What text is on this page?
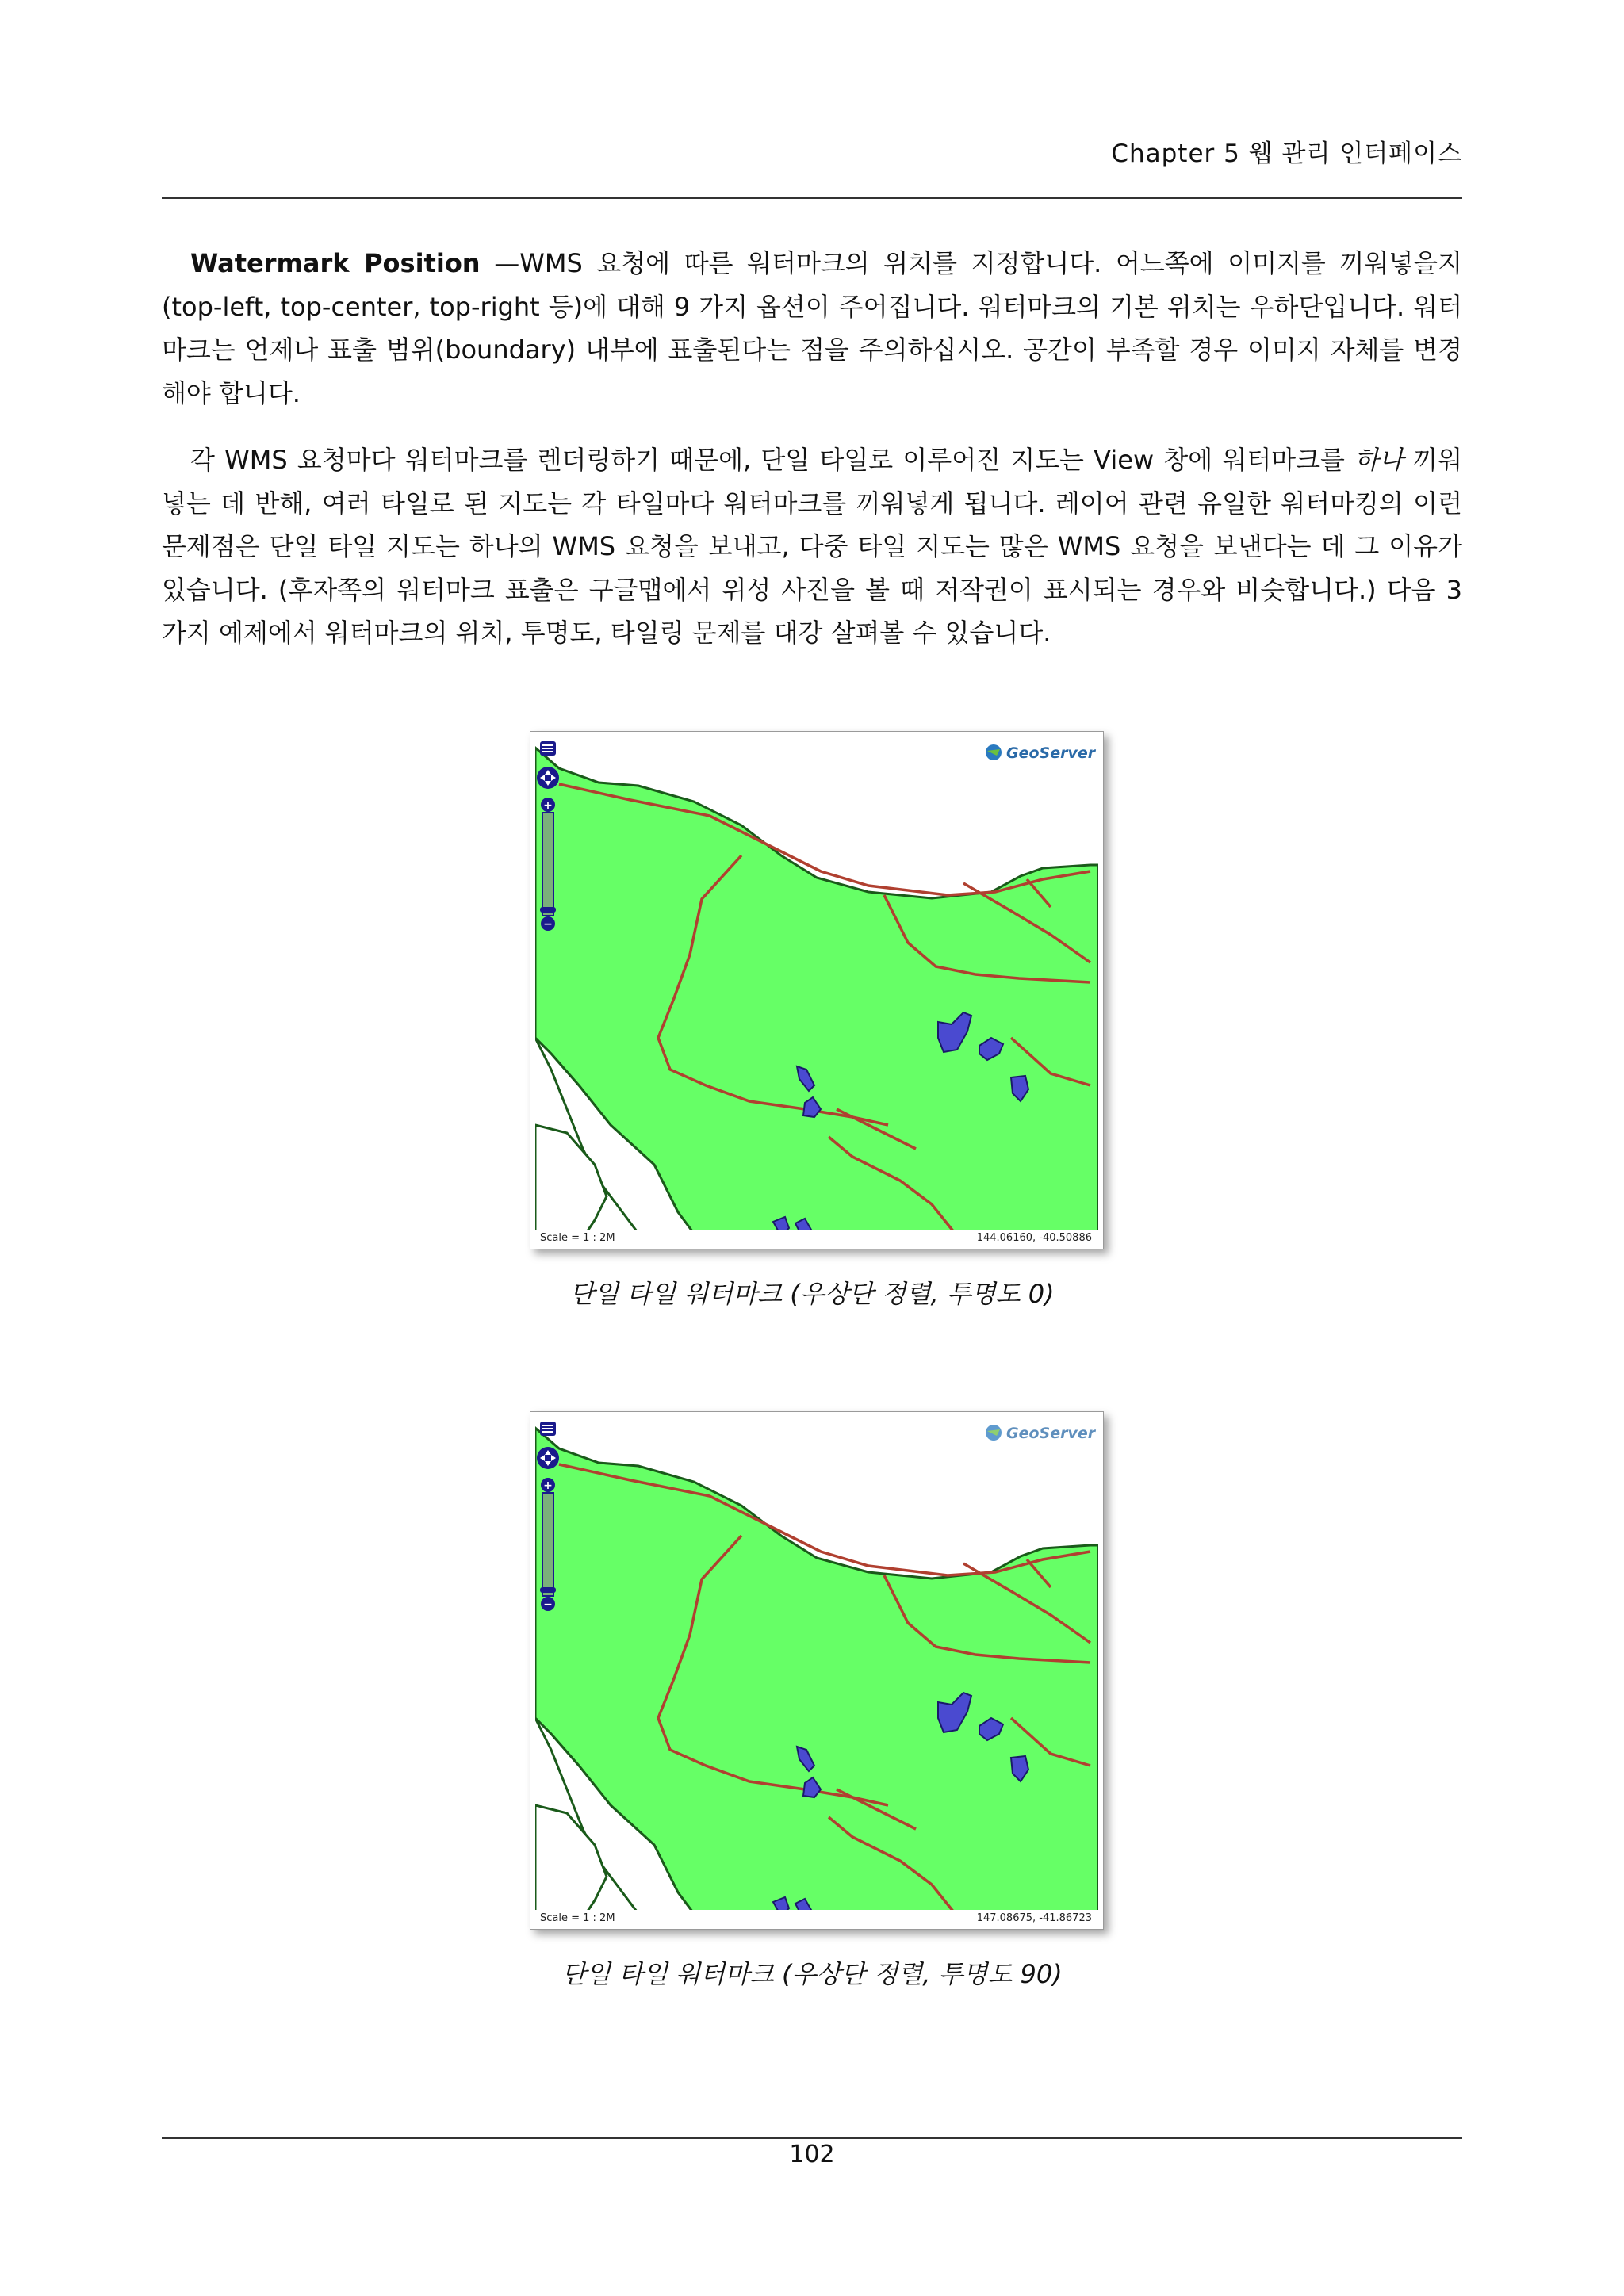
Chapter 5 웹 관리 인터페이스

Watermark Position —WMS 요청에 따른 워터마크의 위치를 지정합니다. 어느쪽에 이미지를 끼워넣을지(top-left, top-center, top-right 등)에 대해 9 가지 옵션이 주어집니다. 워터마크의 기본 위치는 우하단입니다. 워터마크는 언제나 표출 범위(boundary) 내부에 표출된다는 점을 주의하십시오. 공간이 부족할 경우 이미지 자체를 변경해야 합니다.

각 WMS 요청마다 워터마크를 렌더링하기 때문에, 단일 타일로 이루어진 지도는 View 창에 워터마크를 하나 끼워넣는 데 반해, 여러 타일로 된 지도는 각 타일마다 워터마크를 끼워넣게 됩니다. 레이어 관련 유일한 워터마킹의 이런 문제점은 단일 타일 지도는 하나의 WMS 요청을 보내고, 다중 타일 지도는 많은 WMS 요청을 보낸다는 데 그 이유가 있습니다. (후자쪽의 워터마크 표출은 구글맵에서 위성 사진을 볼 때 저작권이 표시되는 경우와 비슷합니다.) 다음 3 가지 예제에서 워터마크의 위치, 투명도, 타일링 문제를 대강 살펴볼 수 있습니다.

+
−
GeoServer
Scale = 1 : 2M	144.06160, -40.50886
단일 타일 워터마크 (우상단 정렬, 투명도 0)
+
−
GeoServer
Scale = 1 : 2M	147.08675, -41.86723
단일 타일 워터마크 (우상단 정렬, 투명도 90)
102
